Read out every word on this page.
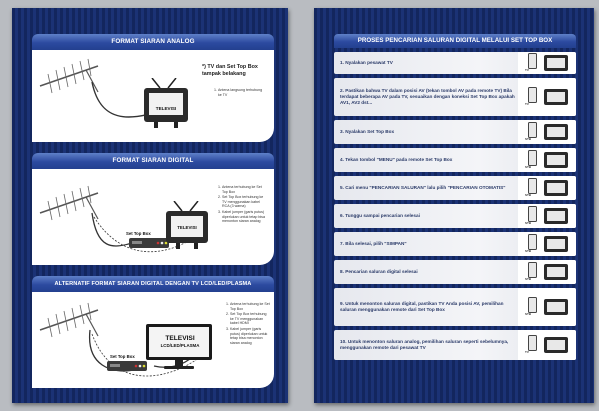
FORMAT SIARAN ANALOG
TELEVISI
*) TV dan Set Top Box tampak belakang
1. Antena langsung terhubung ke TV
FORMAT SIARAN DIGITAL
Set Top Box
TELEVISI
1. Antena terhubung ke Set Top Box
2. Set Top Box terhubung ke TV menggunakan kabel RCA (3 warna)
3. Kabel jumper (garis putus) diperlukan untuk tetap bisa menonton siaran analog
ALTERNATIF FORMAT SIARAN DIGITAL DENGAN TV LCD/LED/PLASMA
Set Top Box
TELEVISI
LCD/LED/PLASMA
1. Antena terhubung ke Set Top Box
2. Set Top Box terhubung ke TV menggunakan kabel HDMI
3. Kabel jumper (garis putus) diperlukan untuk tetap bisa menonton siaran analog
PROSES PENCARIAN SALURAN DIGITAL MELALUI SET TOP BOX
1. Nyalakan pesawat TV
TV
2. Pastikan bahwa TV dalam posisi AV (tekan tombol AV pada remote TV) Bila terdapat beberapa AV pada TV, sesuaikan dengan koneksi Set Top Box apakah AV1, AV2 dst...	TV
3. Nyalakan Set Top Box
STB
4. Tekan tombol "MENU" pada remote Set Top Box
STB
5. Cari menu "PENCARIAN SALURAN" lalu pilih "PENCARIAN OTOMATIS"
STB
6. Tunggu sampai pencarian selesai
STB
7. Bila selesai, pilih "SIMPAN"
STB
8. Pencarian saluran digital selesai
STB
9. Untuk menonton saluran digital, pastikan TV Anda posisi AV, pemilihan saluran menggunakan remote dari Set Top Box
STB
10. Untuk menonton saluran analog, pemilihan saluran seperti sebelumnya, menggunakan remote dari pesawat TV
TV
